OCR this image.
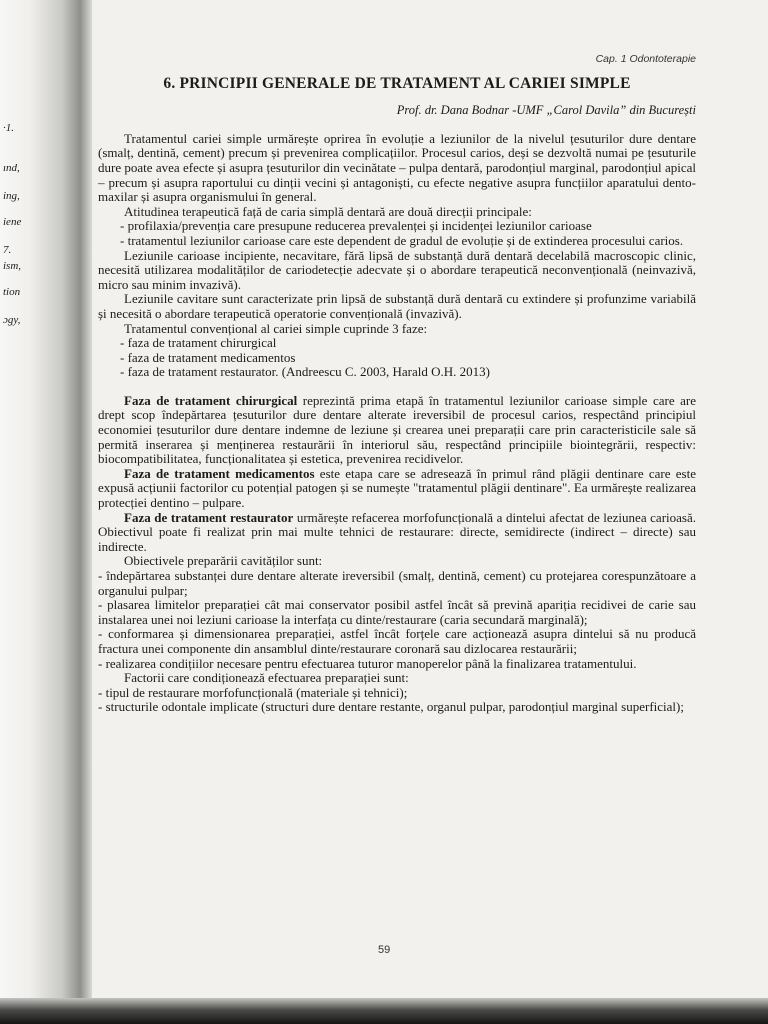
·1.
ınd,
ing,
iene
7.
ism,
tion
ɔgy,
Cap. 1 Odontoterapie
6. PRINCIPII GENERALE DE TRATAMENT AL CARIEI SIMPLE
Prof. dr. Dana Bodnar -UMF „Carol Davila” din București

Tratamentul cariei simple urmărește oprirea în evoluție a leziunilor de la nivelul țesuturilor dure dentare (smalț, dentină, cement) precum și prevenirea complicațiilor. Procesul carios, deși se dezvoltă numai pe țesuturile dure poate avea efecte și asupra țesuturilor din vecinătate – pulpa dentară, parodonțiul marginal, parodonțiul apical – precum și asupra raportului cu dinții vecini și antagoniști, cu efecte negative asupra funcțiilor aparatului dento-maxilar și asupra organismului în general.

Atitudinea terapeutică față de caria simplă dentară are două direcții principale:

- profilaxia/prevenția care presupune reducerea prevalenței și incidenței leziunilor carioase

- tratamentul leziunilor carioase care este dependent de gradul de evoluție și de extinderea procesului carios.

Leziunile carioase incipiente, necavitare, fără lipsă de substanță dură dentară decelabilă macroscopic clinic, necesită utilizarea modalităților de cariodetecție adecvate și o abordare terapeutică neconvențională (neinvazivă, micro sau minim invazivă).

Leziunile cavitare sunt caracterizate prin lipsă de substanță dură dentară cu extindere și profunzime variabilă și necesită o abordare terapeutică operatorie convențională (invazivă).

Tratamentul convențional al cariei simple cuprinde 3 faze:

- faza de tratament chirurgical

- faza de tratament medicamentos

- faza de tratament restaurator. (Andreescu C. 2003, Harald O.H. 2013)

Faza de tratament chirurgical reprezintă prima etapă în tratamentul leziunilor carioase simple care are drept scop îndepărtarea țesuturilor dure dentare alterate ireversibil de procesul carios, respectând principiul economiei țesuturilor dure dentare indemne de leziune și crearea unei preparații care prin caracteristicile sale să permită inserarea și menținerea restaurării în interiorul său, respectând principiile biointegrării, respectiv: biocompatibilitatea, funcționalitatea și estetica, prevenirea recidivelor.

Faza de tratament medicamentos este etapa care se adresează în primul rând plăgii dentinare care este expusă acțiunii factorilor cu potențial patogen și se numește "tratamentul plăgii dentinare". Ea urmărește realizarea protecției dentino – pulpare.

Faza de tratament restaurator urmărește refacerea morfofuncțională a dintelui afectat de leziunea carioasă. Obiectivul poate fi realizat prin mai multe tehnici de restaurare: directe, semidirecte (indirect – directe) sau indirecte.

Obiectivele preparării cavităților sunt:

- îndepărtarea substanței dure dentare alterate ireversibil (smalț, dentină, cement) cu protejarea corespunzătoare a organului pulpar;

- plasarea limitelor preparației cât mai conservator posibil astfel încât să prevină apariția recidivei de carie sau instalarea unei noi leziuni carioase la interfața cu dinte/restaurare (caria secundară marginală);

- conformarea și dimensionarea preparației, astfel încât forțele care acționează asupra dintelui să nu producă fractura unei componente din ansamblul dinte/restaurare coronară sau dizlocarea restaurării;

- realizarea condițiilor necesare pentru efectuarea tuturor manoperelor până la finalizarea tratamentului.

Factorii care condiționează efectuarea preparației sunt:

- tipul de restaurare morfofuncțională (materiale și tehnici);

- structurile odontale implicate (structuri dure dentare restante, organul pulpar, parodonțiul marginal superficial);

59
